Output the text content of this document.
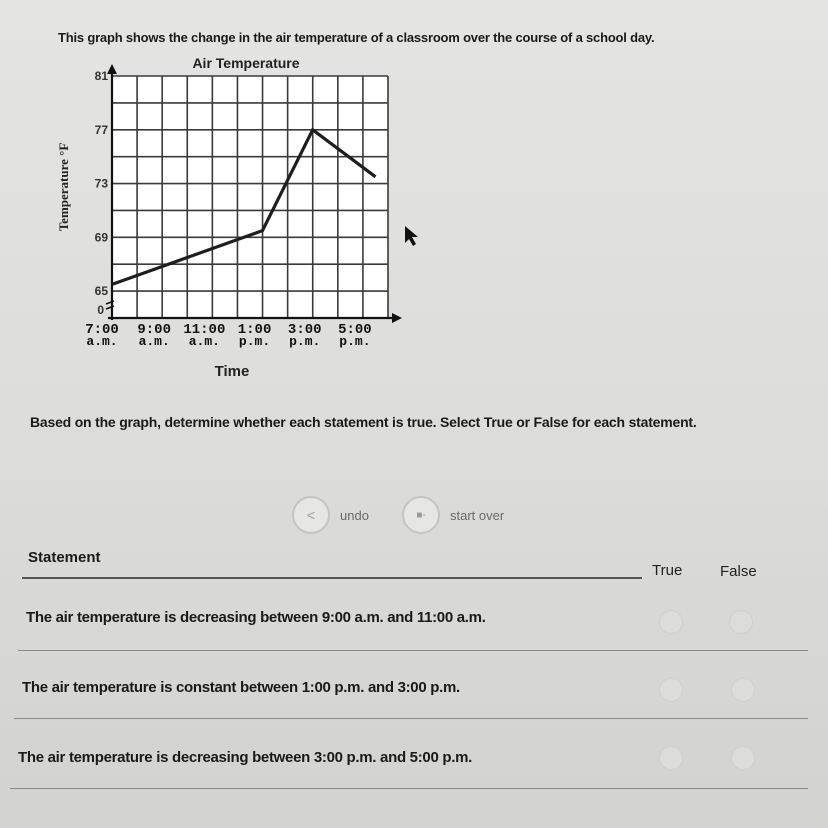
This graph shows the change in the air temperature of a classroom over the course of a school day.
Air Temperature
65
69
73
77
81
0
Temperature °F
7:00
a.m.
9:00
a.m.
11:00
a.m.
1:00
p.m.
3:00
p.m.
5:00
p.m.
Time
Based on the graph, determine whether each statement is true. Select True or False for each statement.
<	undo	■-	start over
Statement
True	False
The air temperature is decreasing between 9:00 a.m. and 11:00 a.m.
The air temperature is constant between 1:00 p.m. and 3:00 p.m.
The air temperature is decreasing between 3:00 p.m. and 5:00 p.m.
